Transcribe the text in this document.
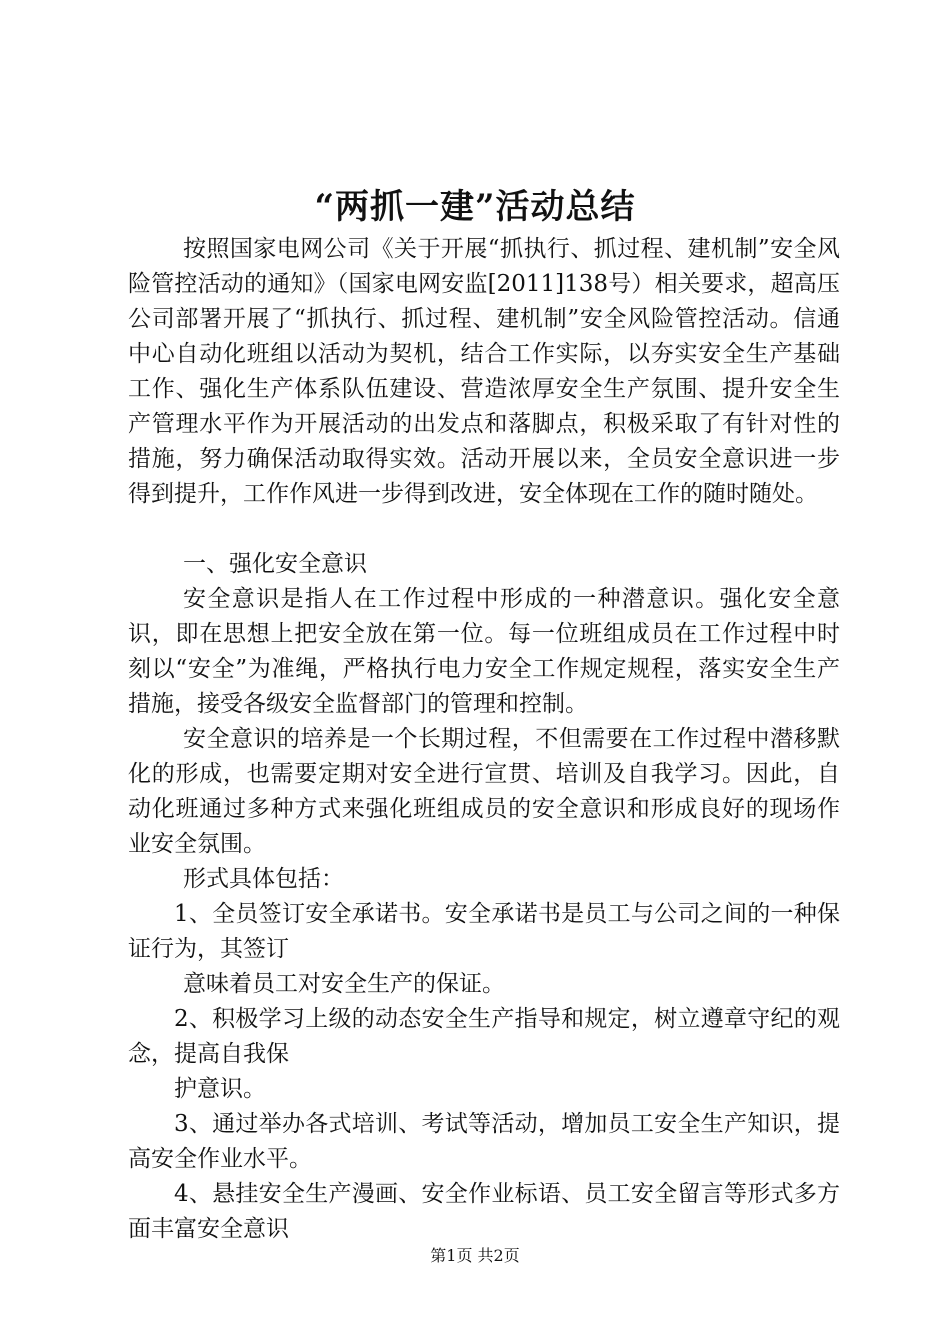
“两抓一建”活动总结

按照国家电网公司《关于开展“抓执行、抓过程、建机制”安全风险管控活动的通知》（国家电网安监[2011]138号）相关要求，超高压公司部署开展了“抓执行、抓过程、建机制”安全风险管控活动。信通中心自动化班组以活动为契机，结合工作实际，以夯实安全生产基础工作、强化生产体系队伍建设、营造浓厚安全生产氛围、提升安全生产管理水平作为开展活动的出发点和落脚点，积极采取了有针对性的措施，努力确保活动取得实效。活动开展以来，全员安全意识进一步得到提升，工作作风进一步得到改进，安全体现在工作的随时随处。

一、强化安全意识

安全意识是指人在工作过程中形成的一种潜意识。强化安全意识，即在思想上把安全放在第一位。每一位班组成员在工作过程中时刻以“安全”为准绳，严格执行电力安全工作规定规程，落实安全生产措施，接受各级安全监督部门的管理和控制。

安全意识的培养是一个长期过程，不但需要在工作过程中潜移默化的形成，也需要定期对安全进行宣贯、培训及自我学习。因此，自动化班通过多种方式来强化班组成员的安全意识和形成良好的现场作业安全氛围。

形式具体包括：

1、全员签订安全承诺书。安全承诺书是员工与公司之间的一种保证行为，其签订

意味着员工对安全生产的保证。

2、积极学习上级的动态安全生产指导和规定，树立遵章守纪的观念，提高自我保

护意识。

3、通过举办各式培训、考试等活动，增加员工安全生产知识，提高安全作业水平。

4、悬挂安全生产漫画、安全作业标语、员工安全留言等形式多方面丰富安全意识

第1页 共2页
